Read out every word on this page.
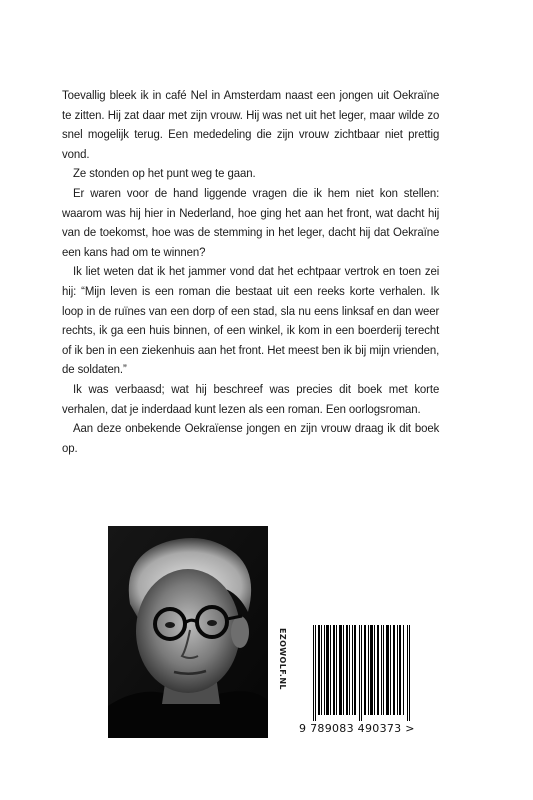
Toevallig bleek ik in café Nel in Amsterdam naast een jongen uit Oekraïne te zitten. Hij zat daar met zijn vrouw. Hij was net uit het leger, maar wilde zo snel mogelijk terug. Een mededeling die zijn vrouw zichtbaar niet prettig vond.

Ze stonden op het punt weg te gaan.

Er waren voor de hand liggende vragen die ik hem niet kon stellen: waarom was hij hier in Nederland, hoe ging het aan het front, wat dacht hij van de toekomst, hoe was de stemming in het leger, dacht hij dat Oekraïne een kans had om te winnen?

Ik liet weten dat ik het jammer vond dat het echtpaar vertrok en toen zei hij: “Mijn leven is een roman die bestaat uit een reeks korte verhalen. Ik loop in de ruïnes van een dorp of een stad, sla nu eens linksaf en dan weer rechts, ik ga een huis binnen, of een winkel, ik kom in een boerderij terecht of ik ben in een ziekenhuis aan het front. Het meest ben ik bij mijn vrienden, de soldaten.”

Ik was verbaasd; wat hij beschreef was precies dit boek met korte verhalen, dat je inderdaad kunt lezen als een roman. Een oorlogsroman.

Aan deze onbekende Oekraïense jongen en zijn vrouw draag ik dit boek op.

EZOWOLF.NL
9 789083 490373 >
